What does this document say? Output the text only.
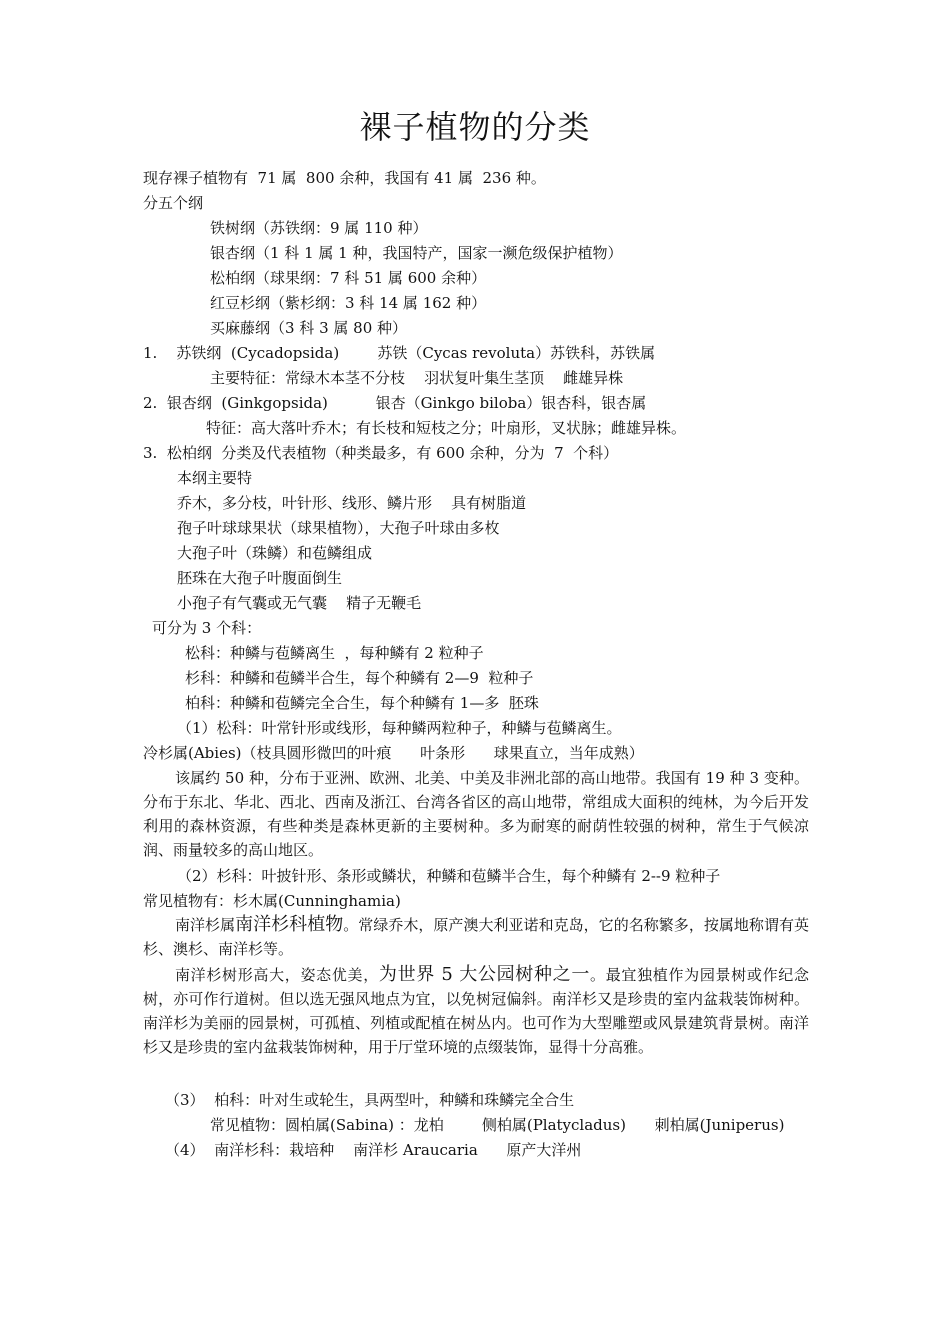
裸子植物的分类
现存裸子植物有  71 属  800 余种，我国有 41 属  236 种。
分五个纲
铁树纲（苏铁纲：9 属 110 种）
银杏纲（1 科 1 属 1 种，我国特产，国家一濒危级保护植物）
松柏纲（球果纲：7 科 51 属 600 余种）
红豆杉纲（紫杉纲：3 科 14 属 162 种）
买麻藤纲（3 科 3 属 80 种）
1.    苏铁纲  (Cycadopsida)        苏铁（Cycas revoluta）苏铁科，苏铁属
主要特征：常绿木本茎不分枝    羽状复叶集生茎顶    雌雄异株
2.  银杏纲  (Ginkgopsida)          银杏（Ginkgo biloba）银杏科，银杏属
特征：高大落叶乔木；有长枝和短枝之分；叶扇形，叉状脉；雌雄异株。
3.  松柏纲  分类及代表植物（种类最多，有 600 余种，分为  7  个科）
本纲主要特
乔木，多分枝，叶针形、线形、鳞片形    具有树脂道
孢子叶球球果状（球果植物），大孢子叶球由多枚
大孢子叶（珠鳞）和苞鳞组成
胚珠在大孢子叶腹面倒生
小孢子有气囊或无气囊    精子无鞭毛
可分为 3 个科：
松科：种鳞与苞鳞离生  ，每种鳞有 2 粒种子
杉科：种鳞和苞鳞半合生，每个种鳞有 2—9  粒种子
柏科：种鳞和苞鳞完全合生，每个种鳞有 1—多  胚珠
（1）松科：叶常针形或线形，每种鳞两粒种子，种鳞与苞鳞离生。
冷杉属(Abies)（枝具圆形微凹的叶痕      叶条形      球果直立，当年成熟）
该属约 50 种，分布于亚洲、欧洲、北美、中美及非洲北部的高山地带。我国有 19 种 3 变种。分布于东北、华北、西北、西南及浙江、台湾各省区的高山地带，常组成大面积的纯林，为今后开发利用的森林资源，有些种类是森林更新的主要树种。多为耐寒的耐荫性较强的树种，常生于气候凉润、雨量较多的高山地区。
（2）杉科：叶披针形、条形或鳞状，种鳞和苞鳞半合生，每个种鳞有 2--9 粒种子
常见植物有：杉木属(Cunninghamia)
南洋杉属南洋杉科植物。常绿乔木，原产澳大利亚诺和克岛，它的名称繁多，按属地称谓有英杉、澳杉、南洋杉等。
南洋杉树形高大，姿态优美，为世界 5 大公园树种之一。最宜独植作为园景树或作纪念树，亦可作行道树。但以选无强风地点为宜，以免树冠偏斜。南洋杉又是珍贵的室内盆栽装饰树种。南洋杉为美丽的园景树，可孤植、列植或配植在树丛内。也可作为大型雕塑或风景建筑背景树。南洋杉又是珍贵的室内盆栽装饰树种，用于厅堂环境的点缀装饰，显得十分高雅。
（3）  柏科：叶对生或轮生，具两型叶，种鳞和珠鳞完全合生
常见植物：圆柏属(Sabina) ：龙柏        侧柏属(Platycladus)      刺柏属(Juniperus)
（4）  南洋杉科：栽培种    南洋杉 Araucaria      原产大洋州
